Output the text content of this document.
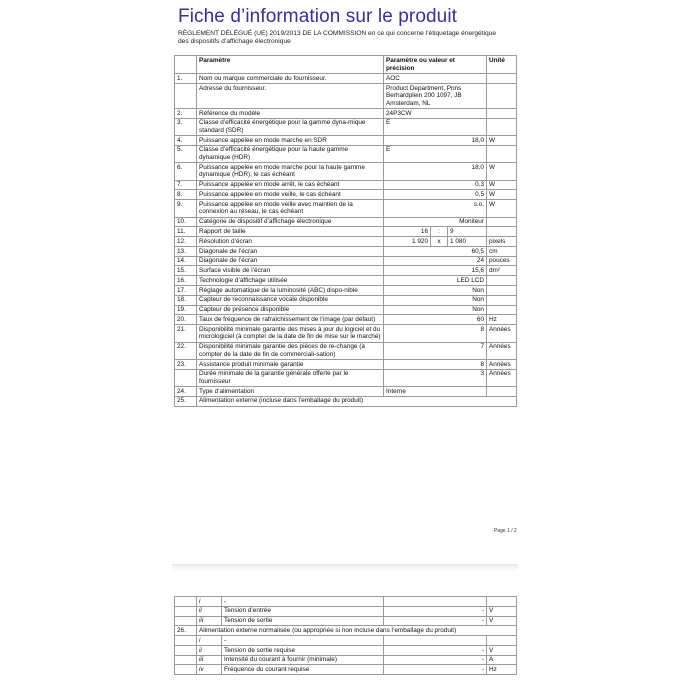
Fiche d’information sur le produit
RÈGLEMENT DÉLÉGUÉ (UE) 2019/2013 DE LA COMMISSION en ce qui concerne l’étiquetage énergétique des dispositifs d’affichage électronique
	Paramètre	Paramètre ou valeur et précision	Unité
1.	Nom ou marque commerciale du fournisseur.	AOC	
	Adresse du fournisseur.	Product Department, Prins Berhardplein 200 1097, JB Amsterdam, NL	
2.	Référence du modèle	24P3CW	
3.	Classe d’efficacité énergétique pour la gamme dyna-mique standard (SDR)	E	
4.	Puissance appelée en mode marche en SDR	18,0	W
5.	Classe d’efficacité énergétique pour la haute gamme dynamique (HDR)	E	
6.	Puissance appelée en mode marche pour la haute gamme dynamique (HDR), le cas échéant	18,0	W
7.	Puissance appelée en mode arrêt, le cas échéant	0,3	W
8.	Puissance appelée en mode veille, le cas échéant	0,5	W
9.	Puissance appelée en mode veille avec maintien de la connexion au réseau, le cas échéant	s.o.	W
10.	Catégorie de dispositif d’affichage électronique	Moniteur	
11.	Rapport de taille	16 : 9	

12.	Résolution d’écran	1 920 x 1 080	pixels
13.	Diagonale de l’écran	60,5	cm
14.	Diagonale de l’écran	24	pouces
15.	Surface visible de l’écran	15,6	dm²
16.	Technologie d’affichage utilisée	LED LCD	
17.	Réglage automatique de la luminosité (ABC) dispo-nible	Non	
18.	Capteur de reconnaissance vocale disponible	Non	
19.	Capteur de présence disponible	Non	
20.	Taux de fréquence de rafraîchissement de l’image (par défaut)	60	Hz
21.	Disponibilité minimale garantie des mises à jour du logiciel et du micrologiciel (à compter de la date de fin de mise sur le marché)	8	Années
22.	Disponibilité minimale garantie des pièces de re-change (à compter de la date de fin de commerciali-sation)	7	Années
23.	Assistance produit minimale garantie	8	Années
	Durée minimale de la garantie générale offerte par le fournisseur	3	Années
24.	Type d’alimentation	Interne	
25.	Alimentation externe (incluse dans l’emballage du produit)		
Page 1 / 2

	i -		

	ii Tension d’entrée	-	V

	iii Tension de sortie	-	V
26.	Alimentation externe normalisée (ou appropriée si non incluse dans l’emballage du produit)		

	i -		

	ii Tension de sortie requise	-	V

	iii Intensité du courant à fournir (minimale)	-	A

	iv Fréquence du courant requise	-	Hz
